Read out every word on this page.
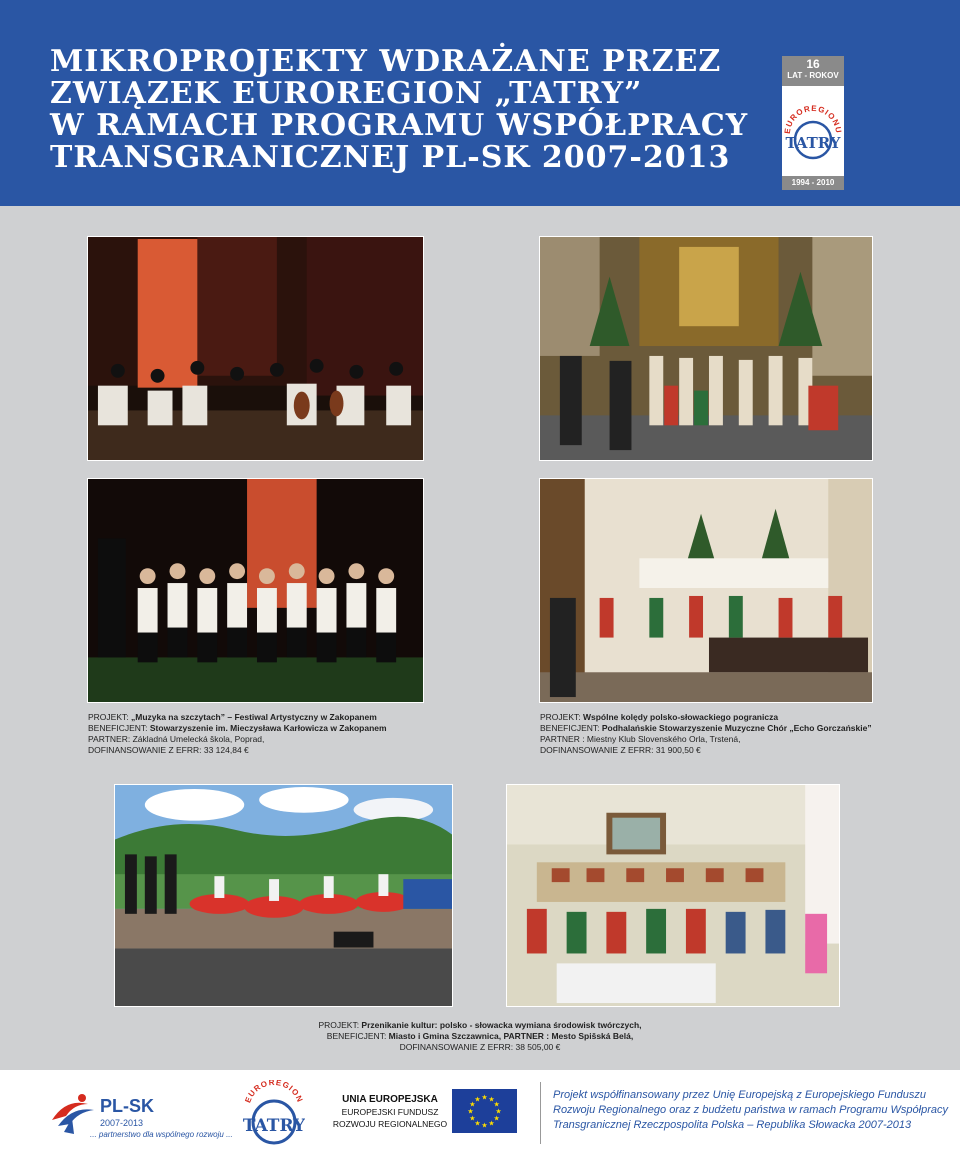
MIKROPROJEKTY WDRAŻANE PRZEZ
ZWIĄZEK EUROREGION „TATRY”
W RAMACH PROGRAMU WSPÓŁPRACY
TRANSGRANICZNEJ PL-SK 2007-2013
16
LAT - ROKOV
EUROREGIONU
TATRY
1994 - 2010
PROJEKT: „Muzyka na szczytach” – Festiwal Artystyczny w Zakopanem
BENEFICJENT: Stowarzyszenie im. Mieczysława Karłowicza w Zakopanem
PARTNER: Základná Umelecká škola, Poprad,
DOFINANSOWANIE Z EFRR: 33 124,84 €
PROJEKT: Wspólne kolędy polsko-słowackiego pogranicza
BENEFICJENT: Podhalańskie Stowarzyszenie Muzyczne Chór „Echo Gorczańskie”
PARTNER : Miestny Klub Slovenského Orla, Trstená,
DOFINANSOWANIE Z EFRR: 31 900,50 €
PROJEKT: Przenikanie kultur: polsko - słowacka wymiana środowisk twórczych,
BENEFICJENT: Miasto i Gmina Szczawnica, PARTNER : Mesto Spišská Belá,
DOFINANSOWANIE Z EFRR: 38 505,00 €
PL-SK
2007-2013
... partnerstwo dla wspólnego rozwoju ...
EUROREGION
TATRY
UNIA EUROPEJSKA
EUROPEJSKI FUNDUSZ
ROZWOJU REGIONALNEGO
★ ★
★
★
★
★
★
★
★
★
★
★	Projekt współfinansowany przez Unię Europejską z Europejskiego Funduszu
Rozwoju Regionalnego oraz z budżetu państwa w ramach Programu Współpracy
Transgranicznej Rzeczpospolita Polska – Republika Słowacka 2007-2013
